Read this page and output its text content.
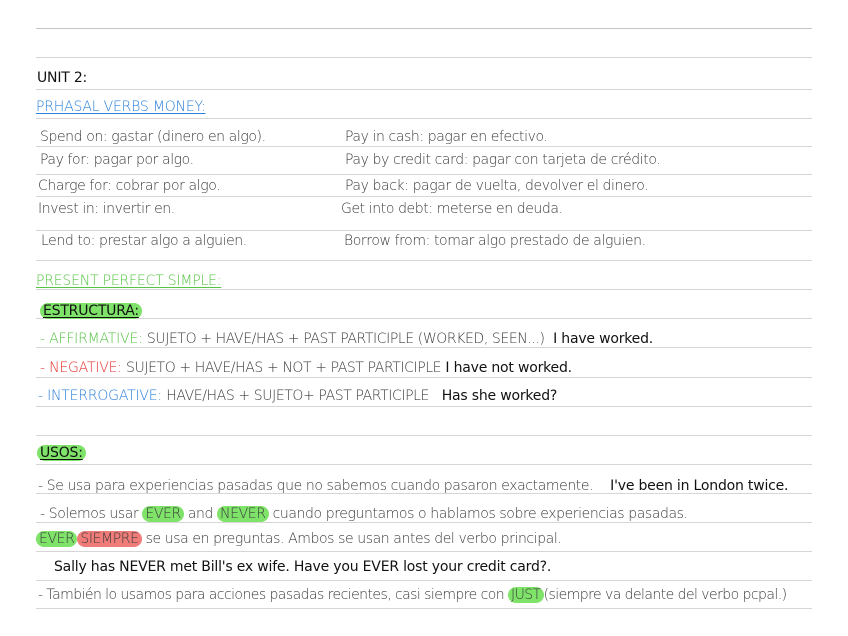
UNIT 2:
PRHASAL VERBS MONEY:
Spend on: gastar (dinero en algo).
Pay for: pagar por algo.
Charge for: cobrar por algo.
Invest in: invertir en.
Lend to: prestar algo a alguien.
Pay in cash: pagar en efectivo.
Pay by credit card: pagar con tarjeta de crédito.
Pay back: pagar de vuelta, devolver el dinero.
Get into debt: meterse en deuda.
Borrow from: tomar algo prestado de alguien.
PRESENT PERFECT SIMPLE:
ESTRUCTURA:
- AFFIRMATIVE: SUJETO + HAVE/HAS + PAST PARTICIPLE (WORKED, SEEN...) I have worked.
- NEGATIVE: SUJETO + HAVE/HAS + NOT + PAST PARTICIPLE I have not worked.
- INTERROGATIVE: HAVE/HAS + SUJETO+ PAST PARTICIPLE Has she worked?
USOS:
- Se usa para experiencias pasadas que no sabemos cuando pasaron exactamente. I've been in London twice.
- Solemos usar EVER and NEVER cuando preguntamos o hablamos sobre experiencias pasadas.
EVER SIEMPRE se usa en preguntas. Ambos se usan antes del verbo principal.
Sally has NEVER met Bill's ex wife. Have you EVER lost your credit card?.
- También lo usamos para acciones pasadas recientes, casi siempre con JUST (siempre va delante del verbo pcpal.)
